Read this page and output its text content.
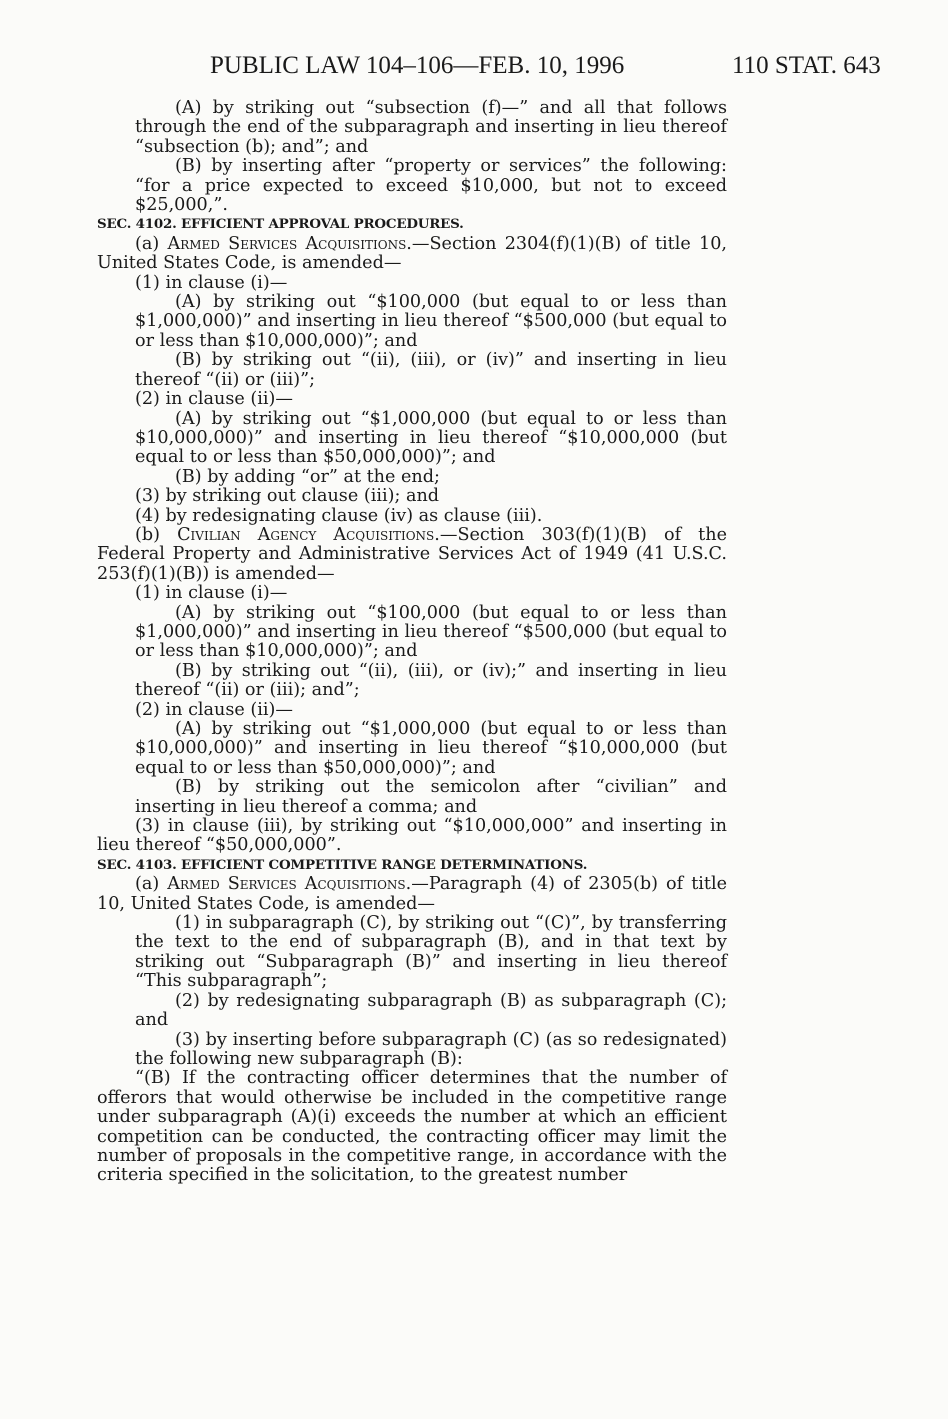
PUBLIC LAW 104–106—FEB. 10, 1996	110 STAT. 643

(A) by striking out “subsection (f)—” and all that follows through the end of the subparagraph and inserting in lieu thereof “subsection (b); and”; and

(B) by inserting after “property or services” the following: “for a price expected to exceed $10,000, but not to exceed $25,000,”.

SEC. 4102. EFFICIENT APPROVAL PROCEDURES.

(a) Armed Services Acquisitions.—Section 2304(f)(1)(B) of title 10, United States Code, is amended—

(1) in clause (i)—

(A) by striking out “$100,000 (but equal to or less than $1,000,000)” and inserting in lieu thereof “$500,000 (but equal to or less than $10,000,000)”; and

(B) by striking out “(ii), (iii), or (iv)” and inserting in lieu thereof “(ii) or (iii)”;

(2) in clause (ii)—

(A) by striking out “$1,000,000 (but equal to or less than $10,000,000)” and inserting in lieu thereof “$10,000,000 (but equal to or less than $50,000,000)”; and

(B) by adding “or” at the end;

(3) by striking out clause (iii); and

(4) by redesignating clause (iv) as clause (iii).

(b) Civilian Agency Acquisitions.—Section 303(f)(1)(B) of the Federal Property and Administrative Services Act of 1949 (41 U.S.C. 253(f)(1)(B)) is amended—

(1) in clause (i)—

(A) by striking out “$100,000 (but equal to or less than $1,000,000)” and inserting in lieu thereof “$500,000 (but equal to or less than $10,000,000)”; and

(B) by striking out “(ii), (iii), or (iv);” and inserting in lieu thereof “(ii) or (iii); and”;

(2) in clause (ii)—

(A) by striking out “$1,000,000 (but equal to or less than $10,000,000)” and inserting in lieu thereof “$10,000,000 (but equal to or less than $50,000,000)”; and

(B) by striking out the semicolon after “civilian” and inserting in lieu thereof a comma; and

(3) in clause (iii), by striking out “$10,000,000” and inserting in lieu thereof “$50,000,000”.

SEC. 4103. EFFICIENT COMPETITIVE RANGE DETERMINATIONS.

(a) Armed Services Acquisitions.—Paragraph (4) of 2305(b) of title 10, United States Code, is amended—

(1) in subparagraph (C), by striking out “(C)”, by transferring the text to the end of subparagraph (B), and in that text by striking out “Subparagraph (B)” and inserting in lieu thereof “This subparagraph”;

(2) by redesignating subparagraph (B) as subparagraph (C); and

(3) by inserting before subparagraph (C) (as so redesignated) the following new subparagraph (B):

“(B) If the contracting officer determines that the number of offerors that would otherwise be included in the competitive range under subparagraph (A)(i) exceeds the number at which an efficient competition can be conducted, the contracting officer may limit the number of proposals in the competitive range, in accordance with the criteria specified in the solicitation, to the greatest number
